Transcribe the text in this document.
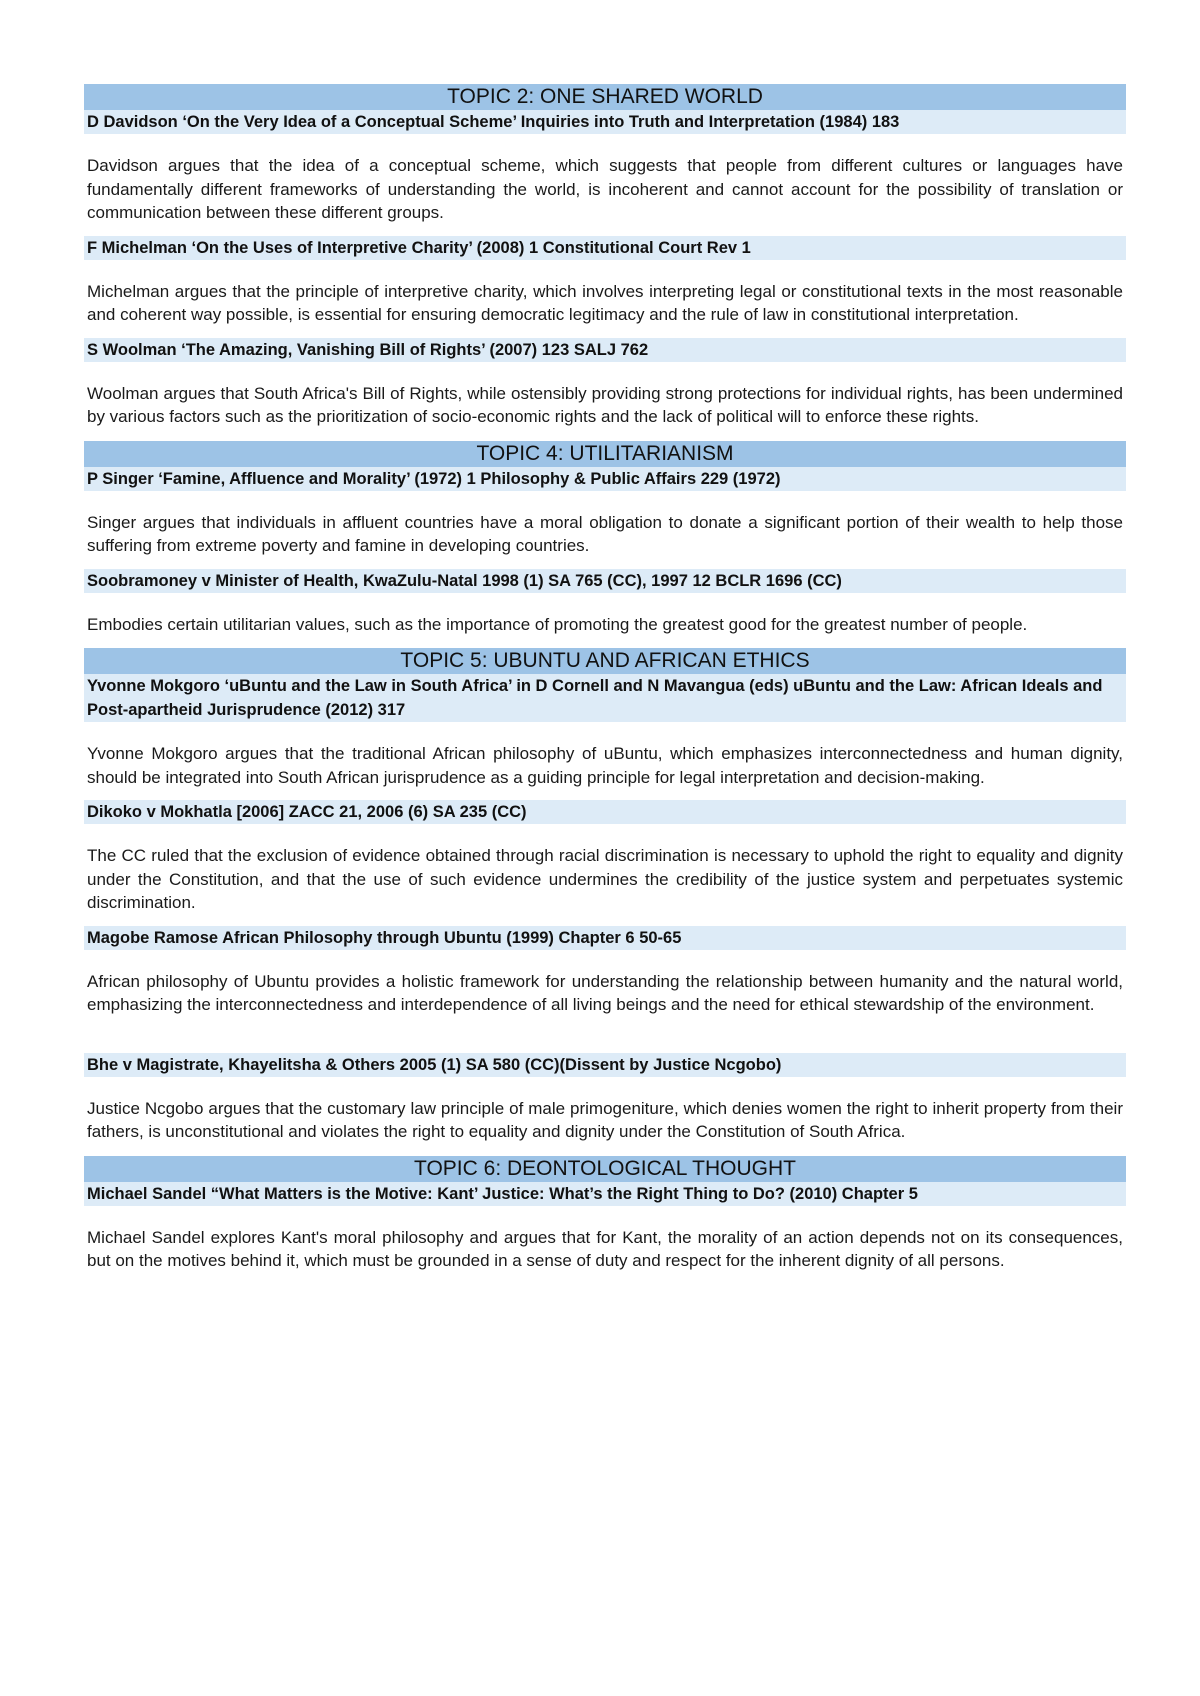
TOPIC 2: ONE SHARED WORLD
D Davidson ‘On the Very Idea of a Conceptual Scheme’ Inquiries into Truth and Interpretation (1984) 183

Davidson argues that the idea of a conceptual scheme, which suggests that people from different cultures or languages have fundamentally different frameworks of understanding the world, is incoherent and cannot account for the possibility of translation or communication between these different groups.

F Michelman ‘On the Uses of Interpretive Charity’ (2008) 1 Constitutional Court Rev 1

Michelman argues that the principle of interpretive charity, which involves interpreting legal or constitutional texts in the most reasonable and coherent way possible, is essential for ensuring democratic legitimacy and the rule of law in constitutional interpretation.

S Woolman ‘The Amazing, Vanishing Bill of Rights’ (2007) 123 SALJ 762

Woolman argues that South Africa's Bill of Rights, while ostensibly providing strong protections for individual rights, has been undermined by various factors such as the prioritization of socio-economic rights and the lack of political will to enforce these rights.

TOPIC 4: UTILITARIANISM
P Singer ‘Famine, Affluence and Morality’ (1972) 1 Philosophy & Public Affairs 229 (1972)

Singer argues that individuals in affluent countries have a moral obligation to donate a significant portion of their wealth to help those suffering from extreme poverty and famine in developing countries.

Soobramoney v Minister of Health, KwaZulu-Natal 1998 (1) SA 765 (CC), 1997 12 BCLR 1696 (CC)

Embodies certain utilitarian values, such as the importance of promoting the greatest good for the greatest number of people.

TOPIC 5: UBUNTU AND AFRICAN ETHICS
Yvonne Mokgoro ‘uBuntu and the Law in South Africa’ in D Cornell and N Mavangua (eds) uBuntu and the Law: African Ideals and Post-apartheid Jurisprudence (2012) 317

Yvonne Mokgoro argues that the traditional African philosophy of uBuntu, which emphasizes interconnectedness and human dignity, should be integrated into South African jurisprudence as a guiding principle for legal interpretation and decision-making.

Dikoko v Mokhatla [2006] ZACC 21, 2006 (6) SA 235 (CC)

The CC ruled that the exclusion of evidence obtained through racial discrimination is necessary to uphold the right to equality and dignity under the Constitution, and that the use of such evidence undermines the credibility of the justice system and perpetuates systemic discrimination.

Magobe Ramose African Philosophy through Ubuntu (1999) Chapter 6 50-65

African philosophy of Ubuntu provides a holistic framework for understanding the relationship between humanity and the natural world, emphasizing the interconnectedness and interdependence of all living beings and the need for ethical stewardship of the environment.

Bhe v Magistrate, Khayelitsha & Others 2005 (1) SA 580 (CC)(Dissent by Justice Ncgobo)

Justice Ncgobo argues that the customary law principle of male primogeniture, which denies women the right to inherit property from their fathers, is unconstitutional and violates the right to equality and dignity under the Constitution of South Africa.

TOPIC 6: DEONTOLOGICAL THOUGHT
Michael Sandel “What Matters is the Motive: Kant’ Justice: What’s the Right Thing to Do? (2010) Chapter 5

Michael Sandel explores Kant's moral philosophy and argues that for Kant, the morality of an action depends not on its consequences, but on the motives behind it, which must be grounded in a sense of duty and respect for the inherent dignity of all persons.
